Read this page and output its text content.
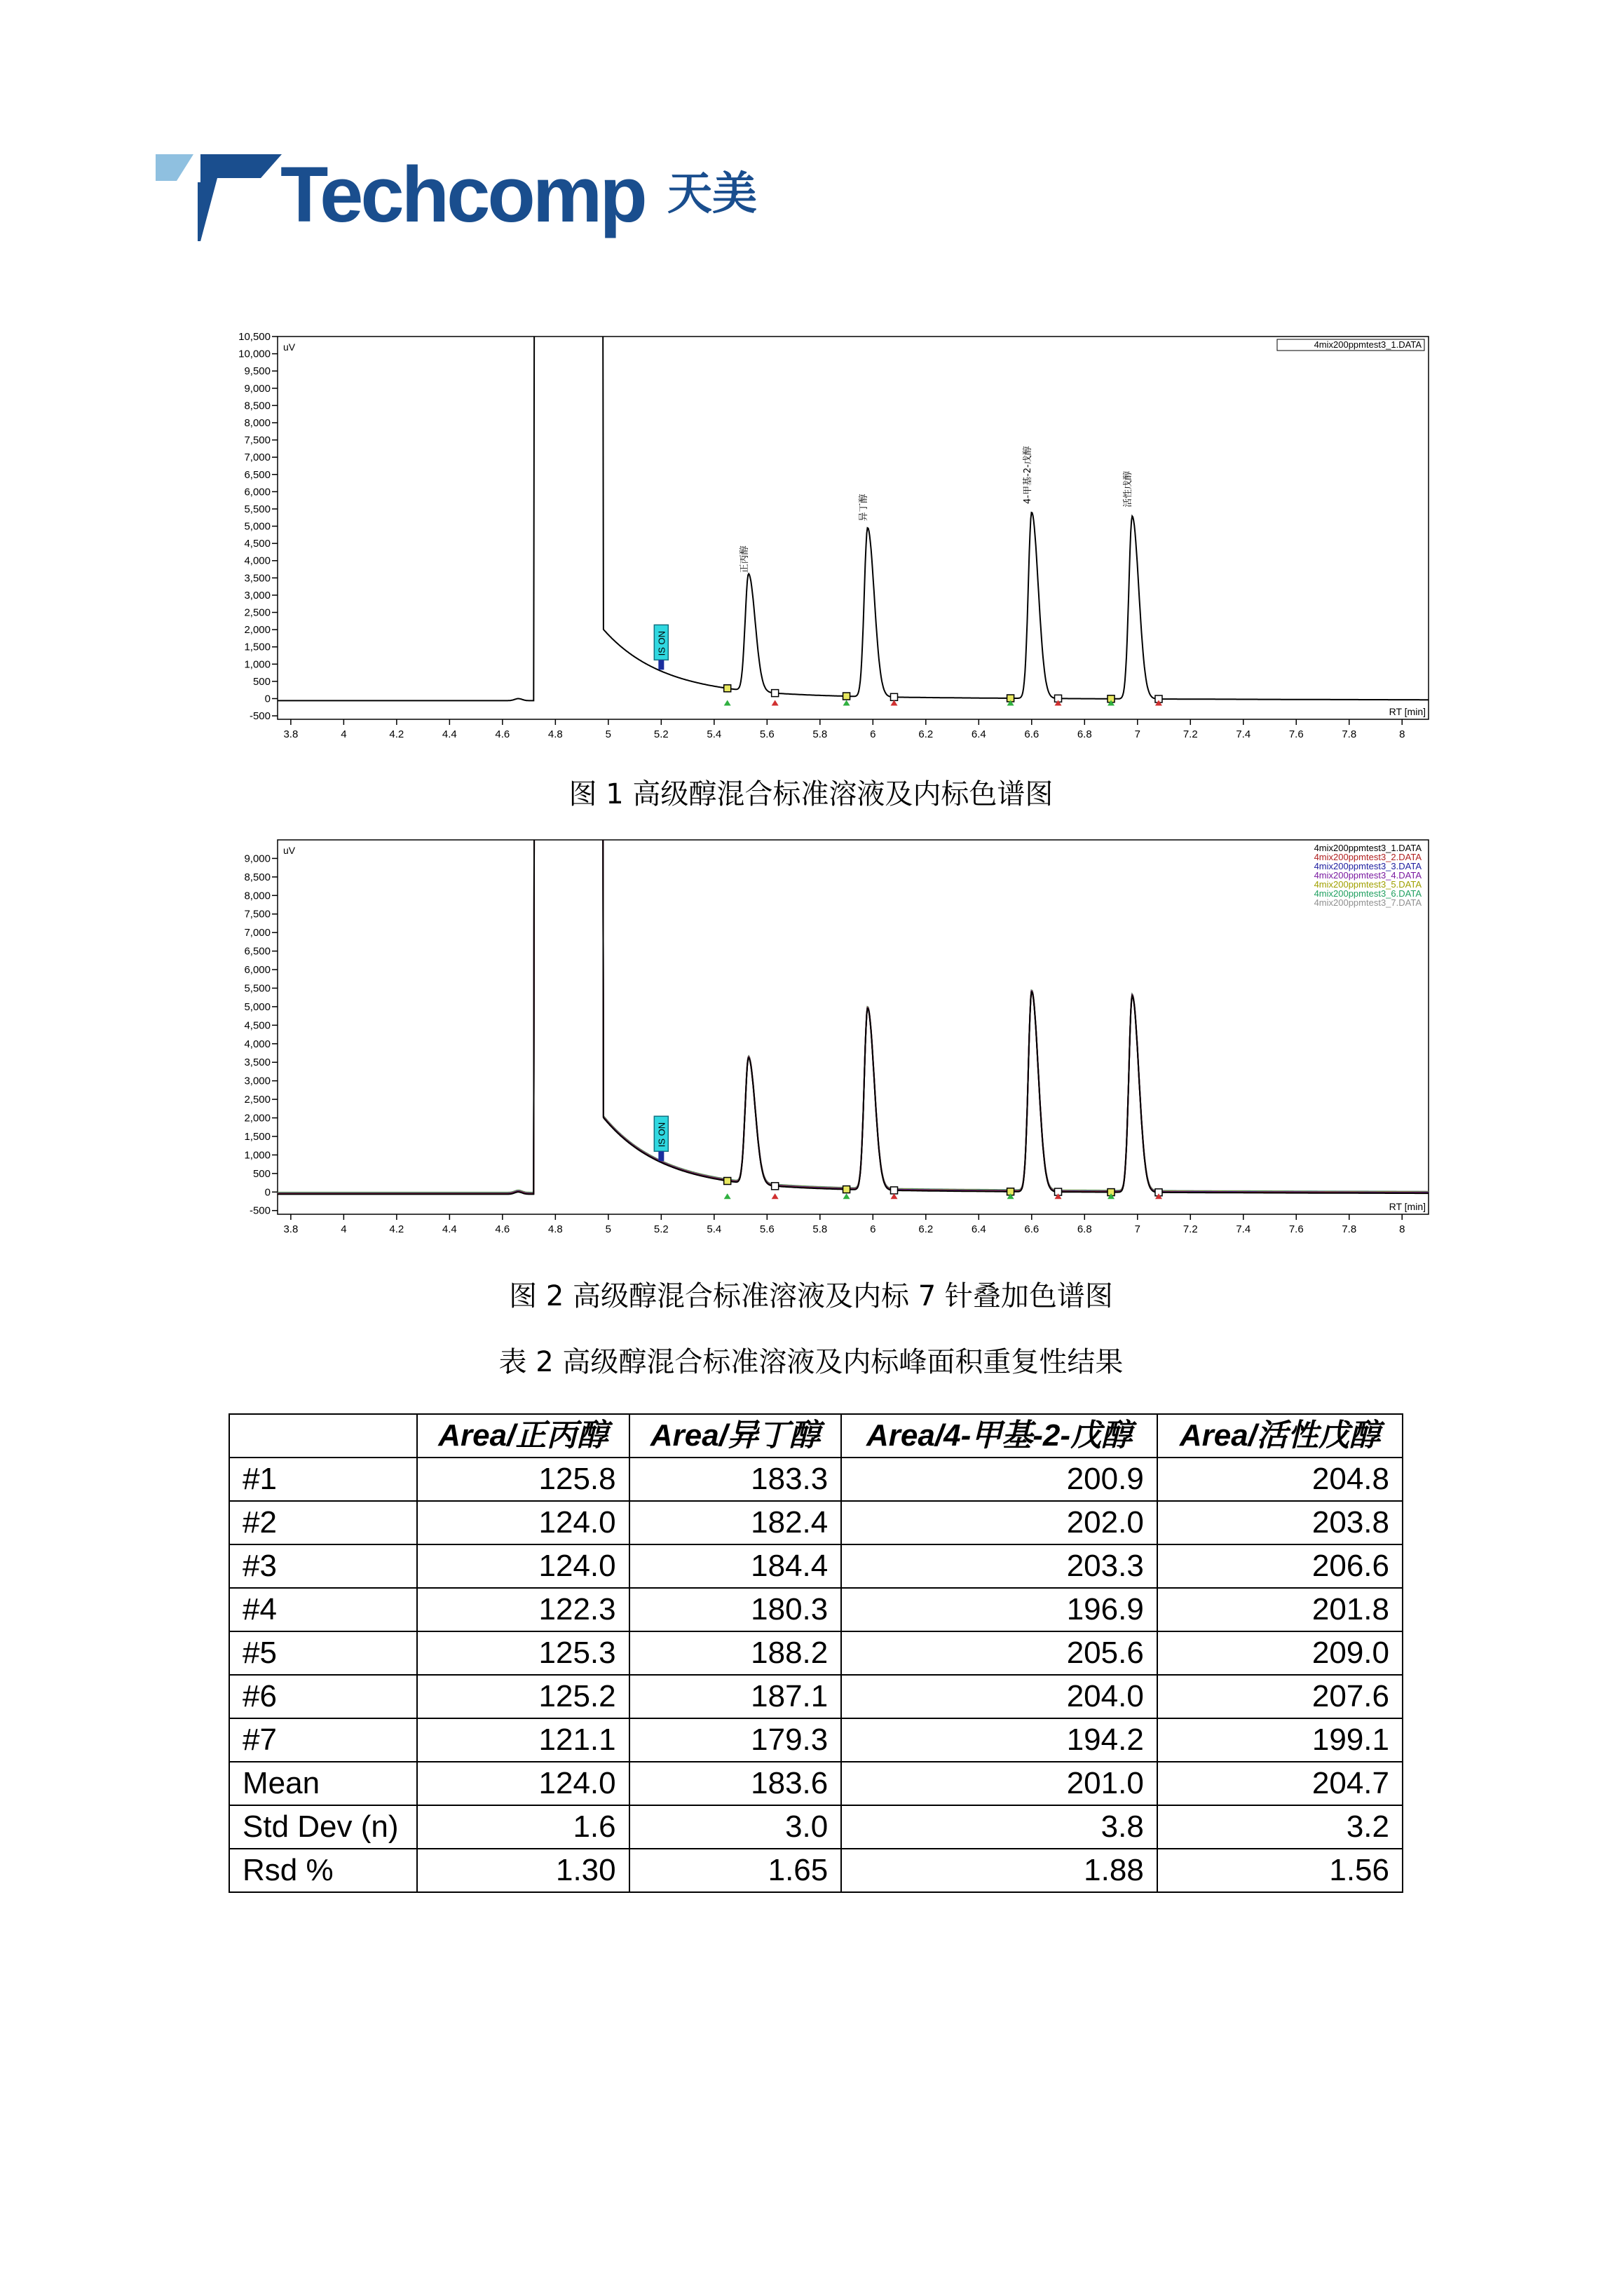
Techcomp 天美
-500
0
500
1,000
1,500
2,000
2,500
3,000
3,500
4,000
4,500
5,000
5,500
6,000
6,500
7,000
7,500
8,000
8,500
9,000
9,500
10,000
10,500
3.8	4	4.2	4.4	4.6	4.8	5	5.2	5.4	5.6	5.8	6	6.2	6.4	6.6	6.8	7	7.2	7.4	7.6	7.8	8
uV
RT [min]
正丙醇
异丁醇
4-甲基-2-戊醇	活性戊醇
IS ON
4mix200ppmtest3_1.DATA
图 1 高级醇混合标准溶液及内标色谱图
-500
0
500
1,000
1,500
2,000
2,500
3,000
3,500
4,000
4,500
5,000
5,500
6,000
6,500
7,000
7,500
8,000
8,500
9,000
3.8	4	4.2	4.4	4.6	4.8	5	5.2	5.4	5.6	5.8	6	6.2	6.4	6.6	6.8	7	7.2	7.4	7.6	7.8	8
uV
RT [min]
IS ON
4mix200ppmtest3_1.DATA
4mix200ppmtest3_2.DATA
4mix200ppmtest3_3.DATA
4mix200ppmtest3_4.DATA
4mix200ppmtest3_5.DATA
4mix200ppmtest3_6.DATA
4mix200ppmtest3_7.DATA
图 2 高级醇混合标准溶液及内标 7 针叠加色谱图
表 2 高级醇混合标准溶液及内标峰面积重复性结果
	Area/正丙醇	Area/异丁醇	Area/4-甲基-2-戊醇	Area/活性戊醇
#1	125.8	183.3	200.9	204.8
#2	124.0	182.4	202.0	203.8
#3	124.0	184.4	203.3	206.6
#4	122.3	180.3	196.9	201.8
#5	125.3	188.2	205.6	209.0
#6	125.2	187.1	204.0	207.6
#7	121.1	179.3	194.2	199.1
Mean	124.0	183.6	201.0	204.7
Std Dev (n)	1.6	3.0	3.8	3.2
Rsd %	1.30	1.65	1.88	1.56
